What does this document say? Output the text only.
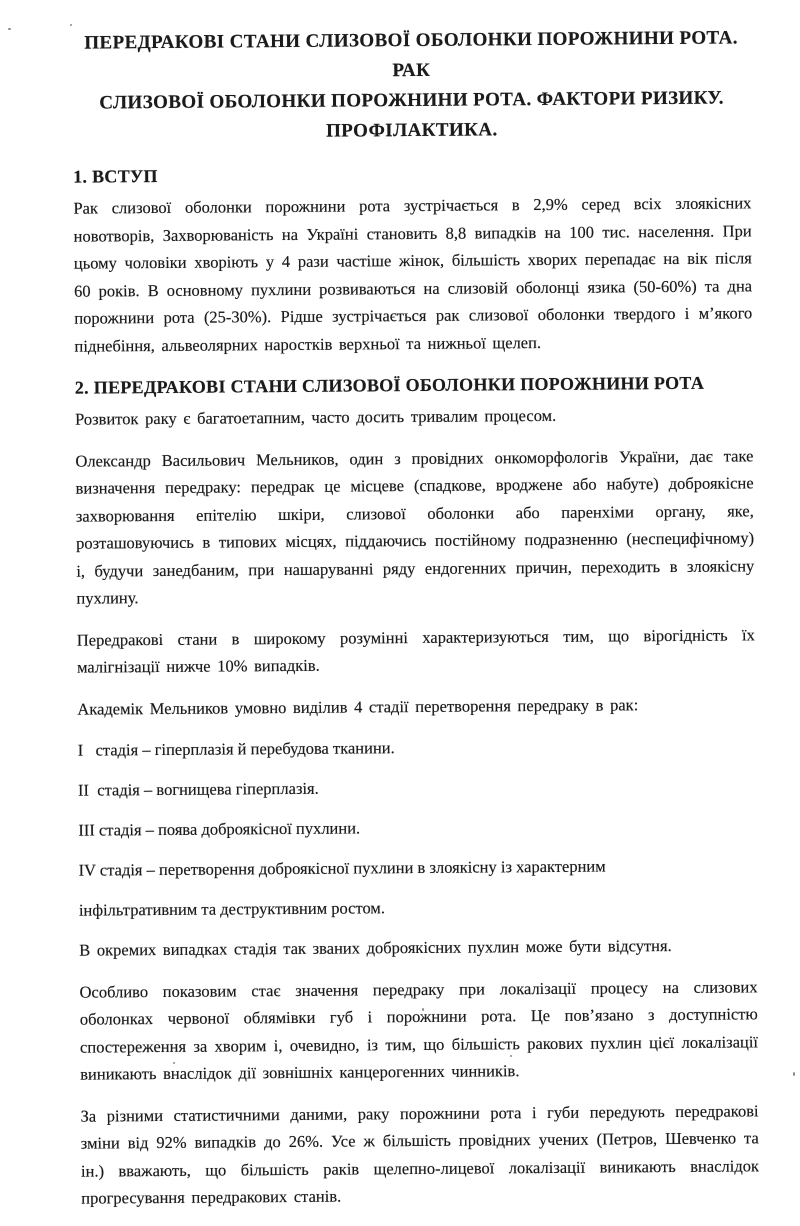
ПЕРЕДРАКОВІ СТАНИ СЛИЗОВОЇ ОБОЛОНКИ ПОРОЖНИНИ РОТА. РАК
СЛИЗОВОЇ ОБОЛОНКИ ПОРОЖНИНИ РОТА. ФАКТОРИ РИЗИКУ.
ПРОФІЛАКТИКА.
1. ВСТУП

Рак слизової оболонки порожнини рота зустрічається в 2,9% серед всіх злоякісних новотворів, Захворюваність на Україні становить 8,8 випадків на 100 тис. населення. При цьому чоловіки хворіють у 4 рази частіше жінок, більшість хворих перепадає на вік після 60 років. В основному пухлини розвиваються на слизовій оболонці язика (50-60%) та дна порожнини рота (25-30%). Рідше зустрічається рак слизової оболонки твердого і м’якого піднебіння, альвеолярних наростків верхньої та нижньої щелеп.

2. ПЕРЕДРАКОВІ СТАНИ СЛИЗОВОЇ ОБОЛОНКИ ПОРОЖНИНИ РОТА

Розвиток раку є багатоетапним, часто досить тривалим процесом.

Олександр Васильович Мельников, один з провідних онкоморфологів України, дає таке визначення передраку: передрак це місцеве (спадкове, вроджене або набуте) доброякісне захворювання епітелію шкіри, слизової оболонки або паренхіми органу, яке, розташовуючись в типових місцях, піддаючись постійному подразненню (неспецифічному) і, будучи занедбаним, при нашаруванні ряду ендогенних причин, переходить в злоякісну пухлину.

Передракові стани в широкому розумінні характеризуються тим, що вірогідність їх малігнізації нижче 10% випадків.

Академік Мельников умовно виділив 4 стадії перетворення передраку в рак:

I   стадія – гіперплазія й перебудова тканини.
II  стадія – вогнищева гіперплазія.
III стадія – поява доброякісної пухлини.
IV стадія – перетворення доброякісної пухлини в злоякісну із характерним
інфільтративним та деструктивним ростом.

В окремих випадках стадія так званих доброякісних пухлин може бути відсутня.

Особливо показовим стає значення передраку при локалізації процесу на слизових оболонках червоної облямівки губ і порожнини рота. Це пов’язано з доступністю спостереження за хворим і, очевидно, із тим, що більшість ракових пухлин цієї локалізації виникають внаслідок дії зовнішніх канцерогенних чинників.

За різними статистичними даними, раку порожнини рота і губи передують передракові зміни від 92% випадків до 26%. Усе ж більшість провідних учених (Петров, Шевченко та ін.) вважають, що більшість раків щелепно-лицевої локалізації виникають внаслідок прогресування передракових станів.
